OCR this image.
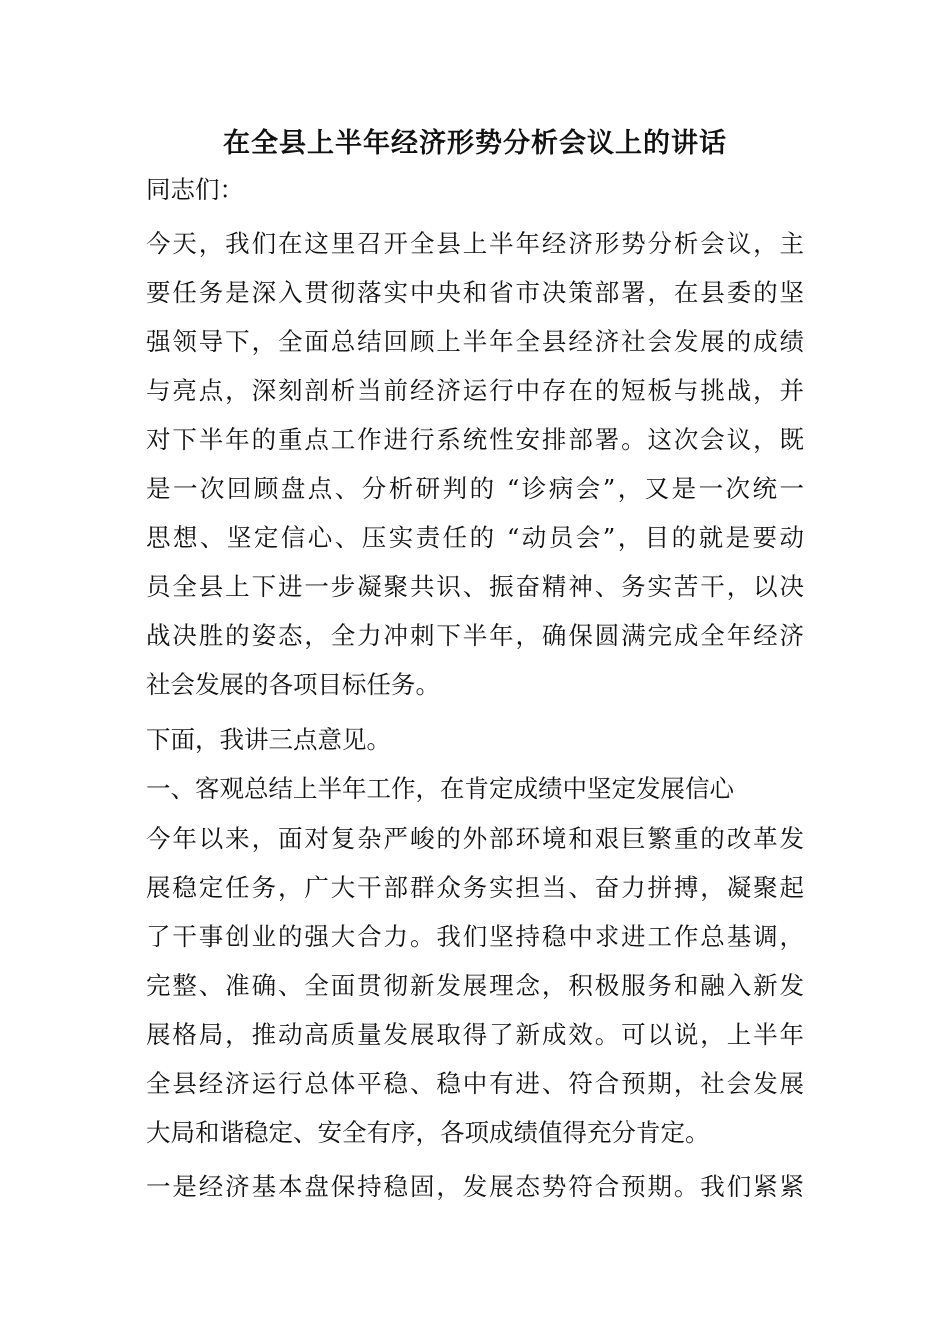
在全县上半年经济形势分析会议上的讲话
同志们：
今天，我们在这里召开全县上半年经济形势分析会议，主
要任务是深入贯彻落实中央和省市决策部署，在县委的坚
强领导下，全面总结回顾上半年全县经济社会发展的成绩
与亮点，深刻剖析当前经济运行中存在的短板与挑战，并
对下半年的重点工作进行系统性安排部署。这次会议，既
是一次回顾盘点、分析研判的 “诊病会”，又是一次统一
思想、坚定信心、压实责任的 “动员会”，目的就是要动
员全县上下进一步凝聚共识、振奋精神、务实苦干，以决
战决胜的姿态，全力冲刺下半年，确保圆满完成全年经济
社会发展的各项目标任务。
下面，我讲三点意见。
一、客观总结上半年工作，在肯定成绩中坚定发展信心
今年以来，面对复杂严峻的外部环境和艰巨繁重的改革发
展稳定任务，广大干部群众务实担当、奋力拼搏，凝聚起
了干事创业的强大合力。我们坚持稳中求进工作总基调，
完整、准确、全面贯彻新发展理念，积极服务和融入新发
展格局，推动高质量发展取得了新成效。可以说，上半年
全县经济运行总体平稳、稳中有进、符合预期，社会发展
大局和谐稳定、安全有序，各项成绩值得充分肯定。
一是经济基本盘保持稳固，发展态势符合预期。我们紧紧
